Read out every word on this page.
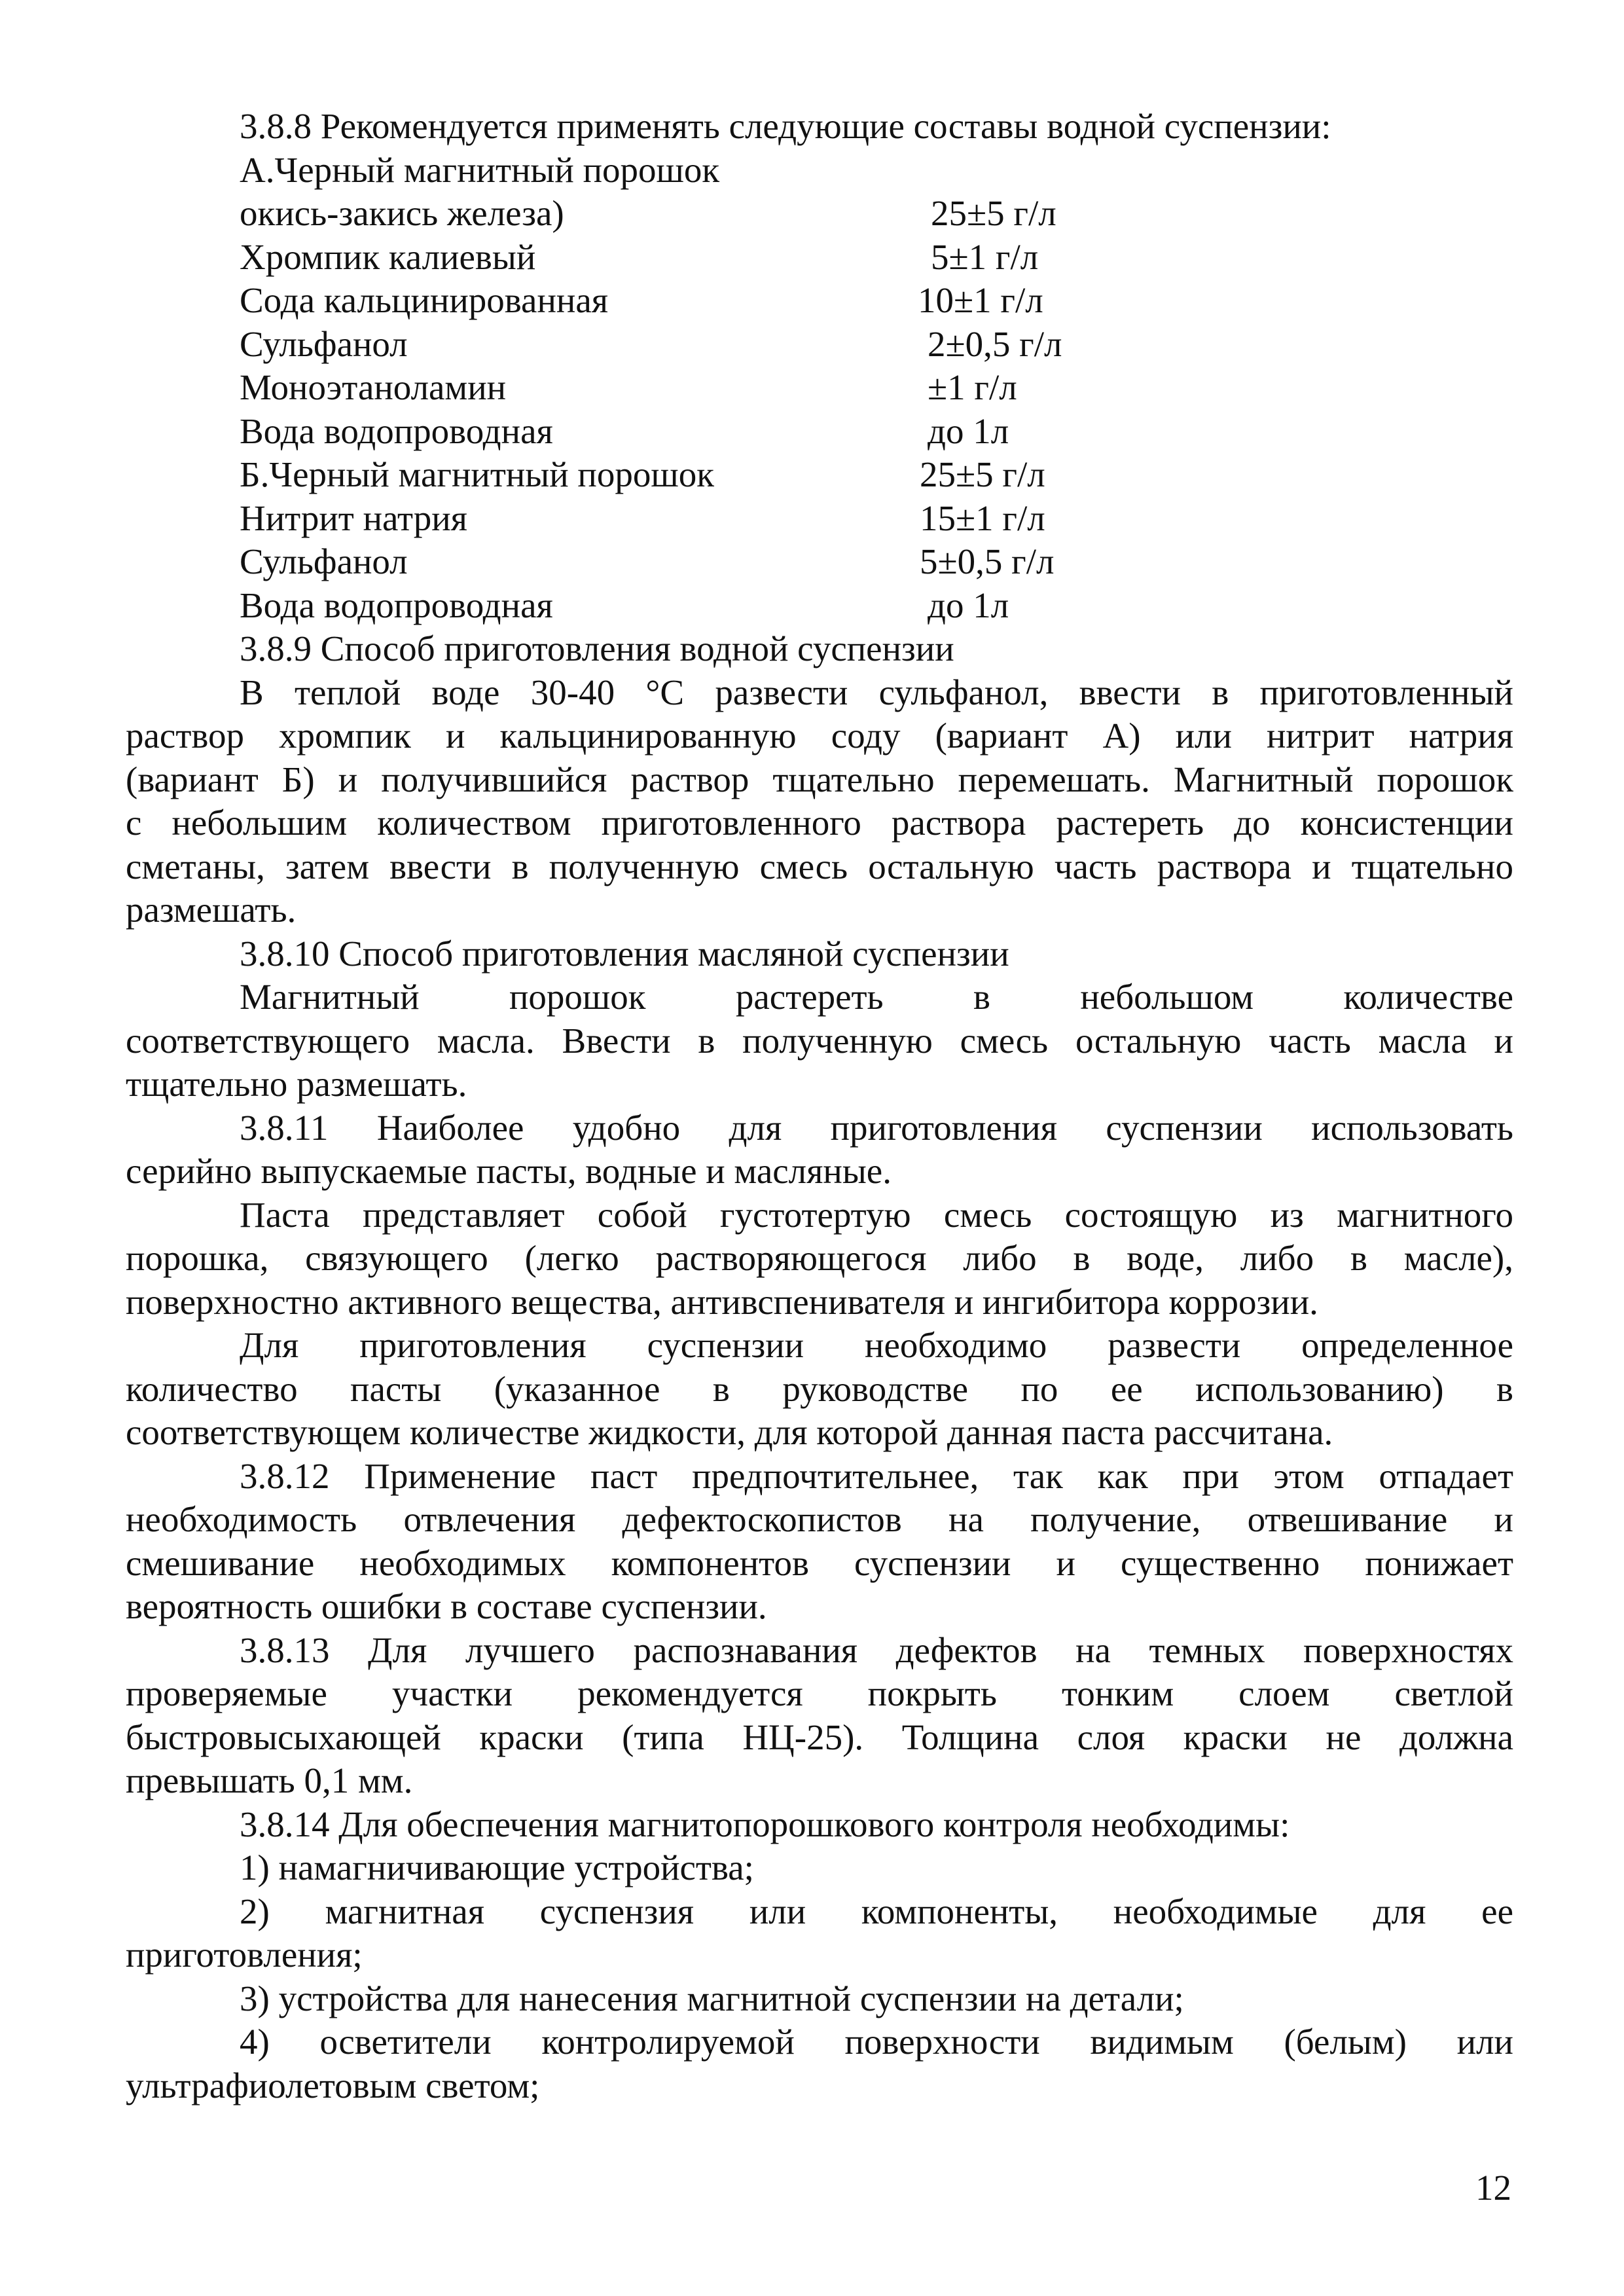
3.8.8 Рекомендуется применять следующие составы водной суспензии:
А.Черный магнитный порошок
окись-закись железа)	25±5 г/л
Хромпик калиевый	5±1 г/л
Сода кальцинированная	10±1 г/л
Сульфанол	2±0,5 г/л
Моноэтаноламин	±1 г/л
Вода водопроводная	до 1л
Б.Черный магнитный порошок	25±5 г/л
Нитрит натрия	15±1 г/л
Сульфанол	5±0,5 г/л
Вода водопроводная	до 1л
3.8.9 Способ приготовления водной суспензии
В теплой воде 30-40 °С развести сульфанол, ввести в приготовленный
раствор хромпик и кальцинированную соду (вариант А) или нитрит натрия
(вариант Б) и получившийся раствор тщательно перемешать. Магнитный порошок
с небольшим количеством приготовленного раствора растереть до консистенции
сметаны, затем ввести в полученную смесь остальную часть раствора и тщательно
размешать.
3.8.10 Способ приготовления масляной суспензии
Магнитный порошок растереть в небольшом количестве
соответствующего масла. Ввести в полученную смесь остальную часть масла и
тщательно размешать.
3.8.11 Наиболее удобно для приготовления суспензии использовать
серийно выпускаемые пасты, водные и масляные.
Паста представляет собой густотертую смесь состоящую из магнитного
порошка, связующего (легко растворяющегося либо в воде, либо в масле),
поверхностно активного вещества, антивспенивателя и ингибитора коррозии.
Для приготовления суспензии необходимо развести определенное
количество пасты (указанное в руководстве по ее использованию) в
соответствующем количестве жидкости, для которой данная паста рассчитана.
3.8.12 Применение паст предпочтительнее, так как при этом отпадает
необходимость отвлечения дефектоскопистов на получение, отвешивание и
смешивание необходимых компонентов суспензии и существенно понижает
вероятность ошибки в составе суспензии.
3.8.13 Для лучшего распознавания дефектов на темных поверхностях
проверяемые участки рекомендуется покрыть тонким слоем светлой
быстровысыхающей краски (типа НЦ-25). Толщина слоя краски не должна
превышать 0,1 мм.
3.8.14 Для обеспечения магнитопорошкового контроля необходимы:
1) намагничивающие устройства;
2) магнитная суспензия или компоненты, необходимые для ее
приготовления;
3) устройства для нанесения магнитной суспензии на детали;
4) осветители контролируемой поверхности видимым (белым) или
ультрафиолетовым светом;
12
